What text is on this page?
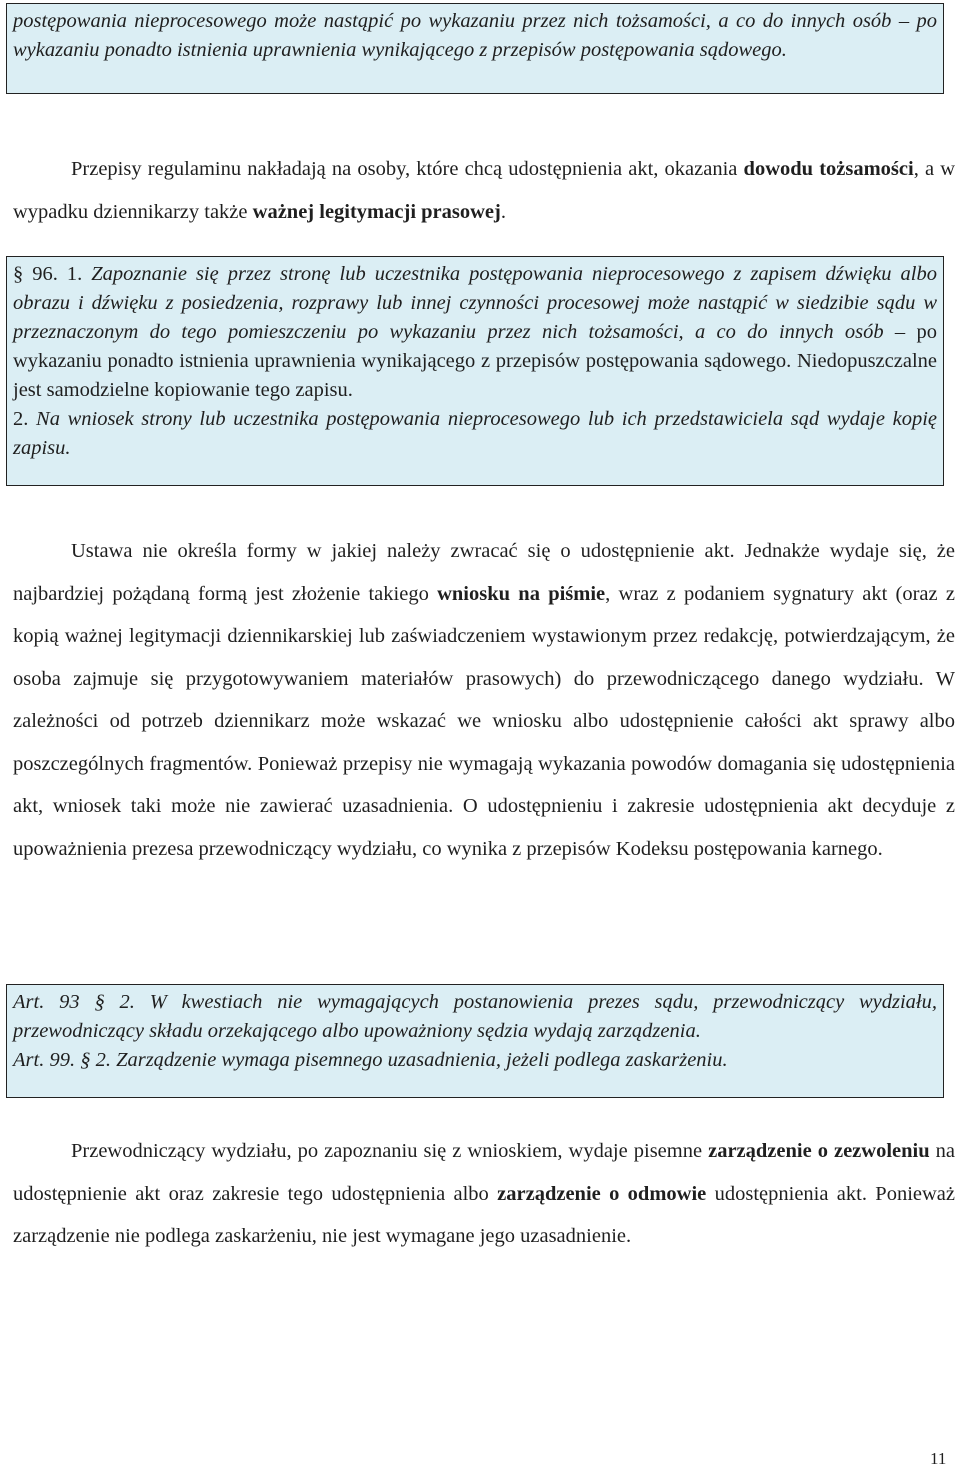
postępowania nieprocesowego może nastąpić po wykazaniu przez nich tożsamości, a co do innych osób – po wykazaniu ponadto istnienia uprawnienia wynikającego z przepisów postępowania sądowego.

Przepisy regulaminu nakładają na osoby, które chcą udostępnienia akt, okazania dowodu tożsamości, a w wypadku dziennikarzy także ważnej legitymacji prasowej.

§ 96. 1. Zapoznanie się przez stronę lub uczestnika postępowania nieprocesowego z zapisem dźwięku albo obrazu i dźwięku z posiedzenia, rozprawy lub innej czynności procesowej może nastąpić w siedzibie sądu w przeznaczonym do tego pomieszczeniu po wykazaniu przez nich tożsamości, a co do innych osób – po wykazaniu ponadto istnienia uprawnienia wynikającego z przepisów postępowania sądowego. Niedopuszczalne jest samodzielne kopiowanie tego zapisu.

2. Na wniosek strony lub uczestnika postępowania nieprocesowego lub ich przedstawiciela sąd wydaje kopię zapisu.

Ustawa nie określa formy w jakiej należy zwracać się o udostępnienie akt. Jednakże wydaje się, że najbardziej pożądaną formą jest złożenie takiego wniosku na piśmie, wraz z podaniem sygnatury akt (oraz z kopią ważnej legitymacji dziennikarskiej lub zaświadczeniem wystawionym przez redakcję, potwierdzającym, że osoba zajmuje się przygotowywaniem materiałów prasowych) do przewodniczącego danego wydziału. W zależności od potrzeb dziennikarz może wskazać we wniosku albo udostępnienie całości akt sprawy albo poszczególnych fragmentów. Ponieważ przepisy nie wymagają wykazania powodów domagania się udostępnienia akt, wniosek taki może nie zawierać uzasadnienia. O udostępnieniu i zakresie udostępnienia akt decyduje z upoważnienia prezesa przewodniczący wydziału, co wynika z przepisów Kodeksu postępowania karnego.

Art. 93 § 2. W kwestiach nie wymagających postanowienia prezes sądu, przewodniczący wydziału, przewodniczący składu orzekającego albo upoważniony sędzia wydają zarządzenia.

Art. 99. § 2. Zarządzenie wymaga pisemnego uzasadnienia, jeżeli podlega zaskarżeniu.

Przewodniczący wydziału, po zapoznaniu się z wnioskiem, wydaje pisemne zarządzenie o zezwoleniu na udostępnienie akt oraz zakresie tego udostępnienia albo zarządzenie o odmowie udostępnienia akt. Ponieważ zarządzenie nie podlega zaskarżeniu, nie jest wymagane jego uzasadnienie.

11
